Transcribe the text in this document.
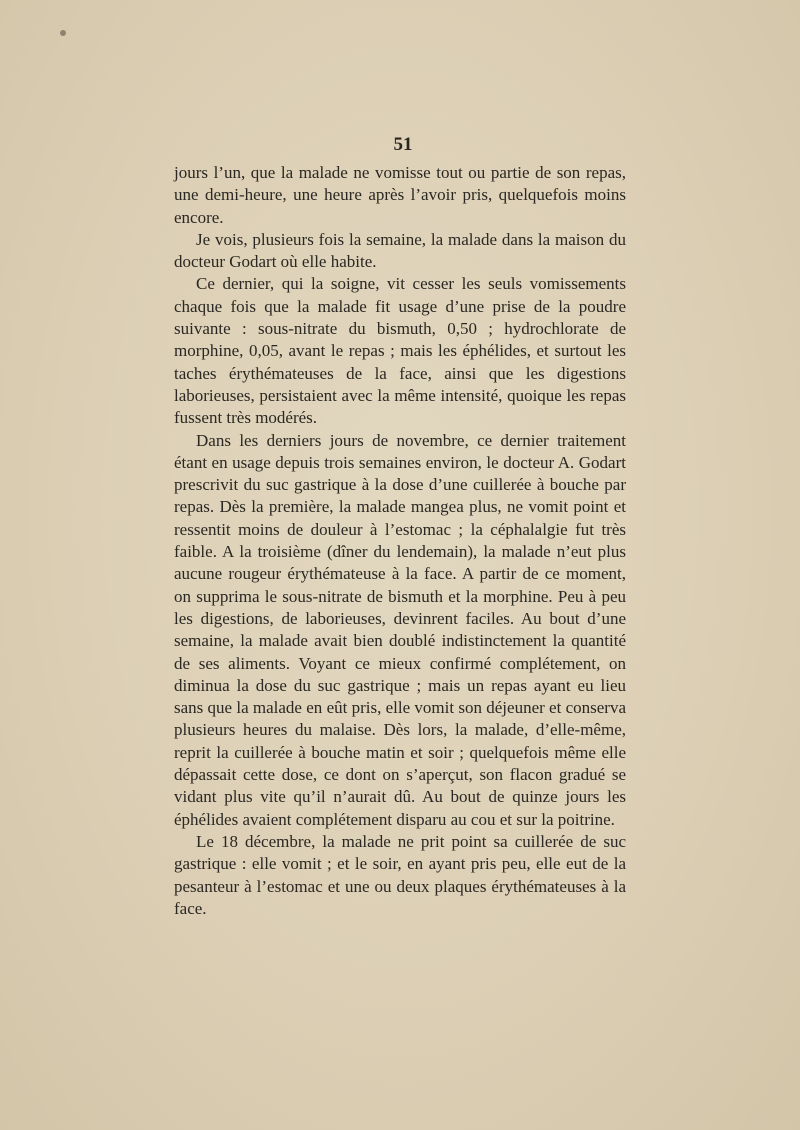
51

jours l’un, que la malade ne vomisse tout ou partie de son repas, une demi-heure, une heure après l’avoir pris, quelquefois moins encore.

Je vois, plusieurs fois la semaine, la malade dans la maison du docteur Godart où elle habite.

Ce dernier, qui la soigne, vit cesser les seuls vomissements chaque fois que la malade fit usage d’une prise de la poudre suivante : sous-nitrate du bismuth, 0,50 ; hydrochlorate de morphine, 0,05, avant le repas ; mais les éphélides, et surtout les taches érythémateuses de la face, ainsi que les digestions laborieuses, persistaient avec la même intensité, quoique les repas fussent très modérés.

Dans les derniers jours de novembre, ce dernier traitement étant en usage depuis trois semaines environ, le docteur A. Godart prescrivit du suc gastrique à la dose d’une cuillerée à bouche par repas. Dès la première, la malade mangea plus, ne vomit point et ressentit moins de douleur à l’estomac ; la céphalalgie fut très faible. A la troisième (dîner du lendemain), la malade n’eut plus aucune rougeur érythémateuse à la face. A partir de ce moment, on supprima le sous-nitrate de bismuth et la morphine. Peu à peu les digestions, de laborieuses, devinrent faciles. Au bout d’une semaine, la malade avait bien doublé indistinctement la quantité de ses aliments. Voyant ce mieux confirmé complétement, on diminua la dose du suc gastrique ; mais un repas ayant eu lieu sans que la malade en eût pris, elle vomit son déjeuner et conserva plusieurs heures du malaise. Dès lors, la malade, d’elle-même, reprit la cuillerée à bouche matin et soir ; quelquefois même elle dépassait cette dose, ce dont on s’aperçut, son flacon gradué se vidant plus vite qu’il n’aurait dû. Au bout de quinze jours les éphélides avaient complétement disparu au cou et sur la poitrine.

Le 18 décembre, la malade ne prit point sa cuillerée de suc gastrique : elle vomit ; et le soir, en ayant pris peu, elle eut de la pesanteur à l’estomac et une ou deux plaques érythémateuses à la face.
